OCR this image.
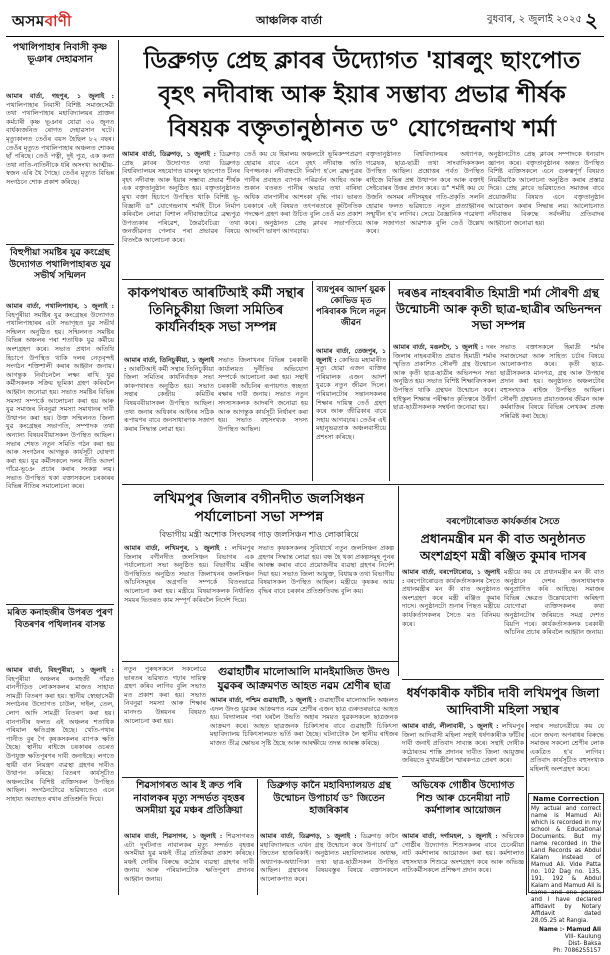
অসমবাণী	আঞ্চলিক বাৰ্তা	বুধবাৰ, ২ জুলাই ২০২৫ ২
পথালিপাহাৰ নিবাসী কৃষ্ণ ভূঞাৰ দেহাৱসান

আমাৰ বাৰ্তা, গহপুৰ, ১ জুলাই : পথালিপাহাৰ নিবাসী বিশিষ্ট সমাজসেৱী তথা পথালিপাহাৰ মহাবিদ্যালয়ৰ প্ৰাক্তন কৰ্মচাৰী কৃষ্ণ ভূঞাৰ যোৱা ৩০ জুনত বাৰ্ধক্যজনিত ৰোগত দেহাৱসান ঘটে। মৃত্যুকালত তেওঁৰ বয়স হৈছিল ৮২ বছৰ। তেওঁৰ মৃত্যুত পথালিপাহাৰ অঞ্চলত শোকৰ ছাঁ পৰিছে। তেওঁ পত্নী, দুই পুত্ৰ, এক কন্যা তথা নাতি-নাতিনীকে ধৰি অসংখ্য আত্মীয়-স্বজন এৰি থৈ গৈছে। তেওঁৰ মৃত্যুত বিভিন্ন সংগঠনে শোক প্ৰকাশ কৰিছে।

বিহুপীয়া সমষ্টিৰ যুৱ কংগ্ৰেছ উদ্যোগত পথালিপাহাৰত যুৱ সভীৰ্থ সন্মিলন

আমাৰ বাৰ্তা, পথালিপাহাৰ, ১ জুলাই : বিহপুৰীয়া সমষ্টিৰ যুৱ কংগ্ৰেছৰ উদ্যোগত পথালিপাহাৰৰ এটা সভাগৃহত যুৱ সভীৰ্থ সন্মিলন অনুষ্ঠিত হয়। সন্মিলনত সমষ্টিৰ বিভিন্ন অঞ্চলৰ পৰা শতাধিক যুৱ কৰ্মীয়ে অংশগ্ৰহণ কৰে। সভাত প্ৰধান অতিথি হিচাপে উপস্থিত থাকি দলৰ নেতৃবৃন্দই সংগঠন শক্তিশালী কৰাৰ আহ্বান জনায়। আগন্তুক নিৰ্বাচনলৈ লক্ষ্য ৰাখি যুৱ কৰ্মীসকলক সক্ৰিয় ভূমিকা গ্ৰহণ কৰিবলৈ আহ্বান জনোৱা হয়। সভাত সমষ্টিৰ বিভিন্ন সমস্যা সম্পৰ্কে আলোচনা কৰা হয় আৰু যুৱ সমাজৰ নিবনুৱা সমস্যা সমাধানৰ দাবী উত্থাপন কৰা হয়। উক্ত সন্মিলনত জিলা যুৱ কংগ্ৰেছৰ সভাপতি, সম্পাদক তথা অন্যান্য বিষয়ববীয়াসকল উপস্থিত আছিল। সভাৰ শেষত নতুন সমিতি গঠন কৰা হয় আৰু সংগঠনৰ আগন্তুক কাৰ্যসূচী ঘোষণা কৰা হয়। যুৱ কৰ্মীসকলে দলৰ নীতি আদৰ্শ গাঁৱে-ভূঞে প্ৰচাৰ কৰাৰ সংকল্প লয়। সভাত উপস্থিত থকা বক্তাসকলে চৰকাৰৰ বিভিন্ন নীতিৰ সমালোচনা কৰে।

মৰিত কনাহজীৰ উপৰত পুৰণ বিতৰণৰ পথিলানৰ বাসন্ত

আমাৰ বাৰ্তা, বিহপুৰীয়া, ১ জুলাই : বিহপুৰীয়া অঞ্চলৰ কনাহজী গাঁৱত বানপীড়িত লোকসকলৰ মাজত সাহায্য সামগ্ৰী বিতৰণ কৰা হয়। স্থানীয় স্বেচ্ছাসেৱী সংগঠনৰ উদ্যোগত চাউল, দাইল, তেল, লোণ আদি সামগ্ৰী বিতৰণ কৰা হয়। বানপানীৰ ফলত এই অঞ্চলৰ শতাধিক পৰিয়াল ক্ষতিগ্ৰস্ত হৈছে। খেতি-পথাৰ পানীত বুৰ গৈ কৃষকসকলৰ ব্যাপক ক্ষতি হৈছে। স্থানীয় ৰাইজে চৰকাৰৰ ওচৰত উপযুক্ত ক্ষতিপূৰণৰ দাবী জনাইছে। লগতে স্থায়ী বান নিয়ন্ত্ৰণ ব্যৱস্থা গ্ৰহণৰ দাবীও উত্থাপন কৰিছে। বিতৰণ কাৰ্যসূচীত অঞ্চলটোৰ বিশিষ্ট ব্যক্তিসকল উপস্থিত আছিল। সংগঠনটোৱে ভৱিষ্যতেও এনে সাহায্য অব্যাহত ৰখাৰ প্ৰতিশ্ৰুতি দিয়ে।

ডিব্ৰুগড় প্ৰেছ ক্লাবৰ উদ্যোগত 'য়াৰলুং ছাংপোত
বৃহৎ নদীবান্ধ আৰু ইয়াৰ সম্ভাব্য প্ৰভাৱ শীৰ্ষক
বিষয়ক বক্তৃতানুষ্ঠানত ড° যোগেন্দ্ৰনাথ শৰ্মা

আমাৰ বাৰ্তা, ডিব্ৰুগড়, ১ জুলাই : ডিব্ৰুগড় প্ৰেছ ক্লাবৰ উদ্যোগত তথা ডিব্ৰুগড় বিশ্ববিদ্যালয়ৰ সহযোগত য়াৰলুং ছাংপোত চীনৰ বৃহৎ নদীবান্ধ আৰু ইয়াৰ সম্ভাব্য প্ৰভাৱ শীৰ্ষক এক বক্তৃতানুষ্ঠান অনুষ্ঠিত হয়। বক্তৃতানুষ্ঠানত মুখ্য বক্তা হিচাপে উপস্থিত থাকি বিশিষ্ট ভূ-বিজ্ঞানী ড° যোগেন্দ্ৰনাথ শৰ্মাই চীনে নিৰ্মাণ কৰিবলৈ লোৱা বিশাল নদীবান্ধটোৱে ব্ৰহ্মপুত্ৰ উপত্যকাৰ পৰিৱেশ, জৈৱবৈচিত্ৰ্য তথা জনজীৱনত পেলাব পৰা প্ৰভাৱৰ বিষয়ে বিতংকৈ আলোচনা কৰে।

তেওঁ কয় যে হিমালয় অঞ্চলটো ভূমিকম্পপ্ৰৱণ হোৱাৰ বাবে এনে বৃহৎ নদীবান্ধ অতি বিপজ্জনক। নদীবান্ধটো নিৰ্মাণ হ'লে ব্ৰহ্মপুত্ৰৰ পানীৰ প্ৰবাহত ব্যাপক পৰিৱৰ্তন আহিব আৰু শুকান বতৰত পানীৰ অভাৱ তথা বাৰিষা অধিক বানপানীৰ আশংকা বৃদ্ধি পাব। ভাৰত চৰকাৰে এই বিষয়ত তৎপৰতাৰে কূটনৈতিক পদক্ষেপ গ্ৰহণ কৰা উচিত বুলি তেওঁ মত প্ৰকাশ কৰে। অনুষ্ঠানত প্ৰেছ ক্লাবৰ সভাপতিয়ে আদৰণি ভাষণ আগবঢ়ায়।

বক্তৃতানুষ্ঠানত বিশ্ববিদ্যালয়ৰ অধ্যাপক, গৱেষক, ছাত্ৰ-ছাত্ৰী তথা সাংবাদিকসকল উপস্থিত আছিল। প্ৰশ্নোত্তৰ পৰ্বত উপস্থিত ৰাইজে বিভিন্ন প্ৰশ্ন উত্থাপন কৰে আৰু বক্তাই সেইবোৰৰ উত্তৰ প্ৰদান কৰে। ড° শৰ্মাই কয় যে উজনি অসমৰ নদীসমূহৰ গতি-প্ৰকৃতি সলনি হোৱাৰ ফলত ভৱিষ্যতে নতুন প্ৰত্যাহ্বানৰ সন্মুখীন হ'ব লাগিব। সেয়ে বৈজ্ঞানিক গৱেষণা আৰু সজাগতা আৱশ্যক বুলি তেওঁ উল্লেখ কৰে।

অনুষ্ঠানটোত প্ৰেছ ক্লাবৰ সম্পাদকে ধন্যবাদ জ্ঞাপন কৰে। বক্তৃতানুষ্ঠানৰ অন্তত উপস্থিত বিশিষ্ট ব্যক্তিসকলে এনে গুৰুত্বপূৰ্ণ বিষয়ত নিয়মীয়াকৈ আলোচনা অনুষ্ঠিত কৰাৰ প্ৰস্তাৱ দিয়ে। প্ৰেছ ক্লাবে ভৱিষ্যতেও সমাজৰ বাবে প্ৰয়োজনীয় বিষয়ত এনে বক্তৃতানুষ্ঠান আয়োজন কৰাৰ সিদ্ধান্ত লয়। আলোচনাত নদীবান্ধৰ বিৰুদ্ধে সৰ্বদলীয় প্ৰতিবাদৰ আহ্বানো জনোৱা হয়।

কাকপথাৰত আৰটিআই কৰ্মী সন্থাৰ তিনিচুকীয়া জিলা সমিতিৰ কাৰ্যনিৰ্বাহক সভা সম্পন্ন

আমাৰ বাৰ্তা, তিনিচুকীয়া, ১ জুলাই : আৰটিআই কৰ্মী সন্থাৰ তিনিচুকীয়া জিলা সমিতিৰ কাৰ্যনিৰ্বাহক সভা কাকপথাৰত অনুষ্ঠিত হয়। সভাত সন্থাৰ কেন্দ্ৰীয় কমিটিৰ বিষয়ববীয়াসকল উপস্থিত আছিল। তথ্য জনাৰ অধিকাৰ আইনৰ সঠিক ৰূপায়ণৰ বাবে জনসাধাৰণক সজাগ কৰাৰ সিদ্ধান্ত লোৱা হয়।

সভাত জিলাখনৰ বিভিন্ন চৰকাৰী কাৰ্যালয়ত দুৰ্নীতিৰ অভিযোগ সম্পৰ্কে আলোচনা কৰা হয়। সন্থাই চৰকাৰী আঁচনিৰ ৰূপায়ণত স্বচ্ছতা ৰক্ষাৰ দাবী জনায়। সভাত নতুন সদস্যসকলক আদৰণি জনোৱা হয় আৰু আগন্তুক কাৰ্যসূচী নিৰ্ধাৰণ কৰা হয়। সভাত বহুসংখ্যক সদস্য উপস্থিত আছিল।

ব্যয়পুৰৰ আদৰ্শ যুৱক কোভিড মৃত পৰিবাৰক দিলে নতুন জীৱন

আমাৰ বাৰ্তা, তেজপুৰ, ১ জুলাই : কোভিড মহামাৰীত মৃত্যু হোৱা এজন ব্যক্তিৰ পৰিয়ালক এজন আদৰ্শ যুৱকে নতুন জীৱন দিলে। পৰিয়ালটোৰ সন্তানসকলৰ শিক্ষাৰ দায়িত্ব তেওঁ গ্ৰহণ কৰে আৰু জীৱিকাৰ বাবে সহায় আগবঢ়ায়। তেওঁৰ এই মহানুভৱতাক অঞ্চলবাসীয়ে প্ৰশংসা কৰিছে।

দৰঙৰ নাহৰবাৰীত হিমাদ্ৰী শৰ্মা সৌৰণী গ্ৰন্থ উন্মোচনী আৰু কৃতী ছাত্ৰ-ছাত্ৰীৰ অভিনন্দন সভা সম্পন্ন

আমাৰ বাৰ্তা, মঙলদৈ, ১ জুলাই : দৰং জিলাৰ নাহৰবাৰীত প্ৰয়াত হিমাদ্ৰী শৰ্মাৰ স্মৃতিত প্ৰকাশিত সৌৰণী গ্ৰন্থ উন্মোচন আৰু কৃতী ছাত্ৰ-ছাত্ৰীৰ অভিনন্দন সভা অনুষ্ঠিত হয়। সভাত বিশিষ্ট শিক্ষাবিদসকল উপস্থিত থাকি গ্ৰন্থখন উন্মোচন কৰে। হাইস্কুল শিক্ষান্ত পৰীক্ষাত কৃতিত্বৰে উত্তীৰ্ণ ছাত্ৰ-ছাত্ৰীসকলক সম্বৰ্ধনা জনোৱা হয়।

সভাত বক্তাসকলে হিমাদ্ৰী শৰ্মাৰ সমাজসেৱা আৰু সাহিত্য চৰ্চাৰ বিষয়ে আলোকপাত কৰে। কৃতী ছাত্ৰ-ছাত্ৰীসকলক মানপত্ৰ, গ্ৰন্থ আৰু উপহাৰ প্ৰদান কৰা হয়। অনুষ্ঠানত অঞ্চলটোৰ বহুসংখ্যক ৰাইজ উপস্থিত আছিল। সৌৰণী গ্ৰন্থখনত প্ৰয়াতজনৰ জীৱন আৰু কৰ্মৰাজিৰ বিষয়ে বিভিন্ন লেখকৰ প্ৰবন্ধ সন্নিৱিষ্ট কৰা হৈছে।

লখিমপুৰ জিলাৰ বগীনদীত জলসিঞ্চন পৰ্যালোচনা সভা সম্পন্ন
বিভাগীয় মন্ত্ৰী অশোক সিংঘলৰ গাড় জলসিঞ্চন শাও লোকাৰিয়ে

আমাৰ বাৰ্তা, লখিমপুৰ, ১ জুলাই : লখিমপুৰ জিলাৰ বগীনদীত জলসিঞ্চন বিভাগৰ এক পৰ্যালোচনা সভা অনুষ্ঠিত হয়। বিভাগীয় মন্ত্ৰীৰ উপস্থিতিত অনুষ্ঠিত সভাত জিলাখনৰ জলসিঞ্চন আঁচনিসমূহৰ অগ্ৰগতি সম্পৰ্কে বিতংভাৱে আলোচনা কৰা হয়। মন্ত্ৰীয়ে বিষয়াসকলক নিৰ্ধাৰিত সময়ৰ ভিতৰত কাম সম্পূৰ্ণ কৰিবলৈ নিৰ্দেশ দিয়ে।

সভাত কৃষকসকলৰ সুবিধাৰ্থে নতুন জলসিঞ্চন প্ৰকল্প গ্ৰহণৰ সিদ্ধান্ত লোৱা হয়। বন্ধ হৈ থকা প্ৰকল্পসমূহ পুনৰ আৰম্ভ কৰাৰ বাবে প্ৰয়োজনীয় ব্যৱস্থা গ্ৰহণৰ নিৰ্দেশ দিয়া হয়। সভাত জিলা আয়ুক্ত, বিধায়ক তথা বিভাগীয় বিষয়াসকল উপস্থিত আছিল। মন্ত্ৰীয়ে কৃষকৰ আয় বৃদ্ধিৰ বাবে চৰকাৰ প্ৰতিশ্ৰুতিবদ্ধ বুলি কয়।

বৰপেটাৰোডত কাৰ্যকৰ্তাৰ সৈতে
প্ৰধানমন্ত্ৰীৰ মন কী বাত অনুষ্ঠানত অংশগ্ৰহণ মন্ত্ৰী ৰঞ্জিত কুমাৰ দাসৰ

আমাৰ বাৰ্তা, বৰপেটাৰোড, ১ জুলাই : বৰপেটাৰোডত কাৰ্যকৰ্তাসকলৰ সৈতে প্ৰধানমন্ত্ৰীৰ মন কী বাত অনুষ্ঠানত অংশগ্ৰহণ কৰে মন্ত্ৰী ৰঞ্জিত কুমাৰ দাসে। অনুষ্ঠানটো শুনাৰ পিছত মন্ত্ৰীয়ে কাৰ্যকৰ্তাসকলৰ সৈতে মত বিনিময় কৰে।

মন্ত্ৰীয়ে কয় যে প্ৰধানমন্ত্ৰীৰ মন কী বাত অনুষ্ঠানে দেশৰ জনসাধাৰণক অনুপ্ৰাণিত কৰি আহিছে। সমাজৰ বিভিন্ন ক্ষেত্ৰত উল্লেখযোগ্য অৰিহণা যোগোৱা ব্যক্তিসকলৰ কথা অনুষ্ঠানটোৰ জৰিয়তে সমগ্ৰ দেশত বিয়পি পৰে। কাৰ্যকৰ্তাসকলক চৰকাৰী আঁচনিৰ প্ৰচাৰ কৰিবলৈ আহ্বান জনায়।

গুৱাহাটীৰ মালোআলি মানইমাজিত উদণ্ড যুৱকৰ আক্ৰমণত আহত নৱম শ্ৰেণীৰ ছাত্ৰ

নতুন পুৰুষসকলে সকলোৱে ভাৰতৰ ভৱিষ্যত গঢ়াৰ দায়িত্ব গ্ৰহণ কৰিব লাগিব বুলি সভাত মত প্ৰকাশ কৰা হয়। সভাত নিবনুৱা সমস্যা আৰু শিক্ষাৰ মানদণ্ড উন্নয়নৰ বিষয়ত আলোচনা কৰা হয়।

আমাৰ বাৰ্তা, পশ্চিম গুৱাহাটী, ১ জুলাই : গুৱাহাটীৰ মালোআলি অঞ্চলত এদল উদণ্ড যুৱকৰ আক্ৰমণত নৱম শ্ৰেণীৰ এজন ছাত্ৰ গুৰুতৰভাৱে আহত হয়। বিদ্যালয়ৰ পৰা ঘৰলৈ উভতি অহাৰ সময়ত যুৱকসকলে ছাত্ৰজনক আক্ৰমণ কৰে। আহত ছাত্ৰজনক চিকিৎসাৰ বাবে গুৱাহাটী চিকিৎসা মহাবিদ্যালয় চিকিৎসালয়ত ভৰ্তি কৰা হৈছে। ঘটনাটোক লৈ স্থানীয় ৰাইজৰ মাজত তীব্ৰ ক্ষোভৰ সৃষ্টি হৈছে আৰু আৰক্ষীয়ে তদন্ত আৰম্ভ কৰিছে।

শিৱসাগৰত আৰ ই ক্ৰত পৰি নাবালকৰ মৃত্যু সন্দৰ্ভত বৃহত্তৰ অসমীয়া যুৱ মঞ্চৰ প্ৰতিক্ৰিয়া

আমাৰ বাৰ্তা, শিৱসাগৰ, ১ জুলাই : শিৱসাগৰত এটা দুৰ্ঘটনাত নাবালকৰ মৃত্যু সন্দৰ্ভত বৃহত্তৰ অসমীয়া যুৱ মঞ্চই তীব্ৰ প্ৰতিক্ৰিয়া প্ৰকাশ কৰিছে। মঞ্চই দোষীৰ বিৰুদ্ধে কঠোৰ ব্যৱস্থা গ্ৰহণৰ দাবী জনায় আৰু পৰিয়ালটোক ক্ষতিপূৰণ প্ৰদানৰ আহ্বান জনায়।

ডিব্ৰুগড় কানৈ মহাবিদ্যালয়ত গ্ৰন্থ উন্মোচন উপাচাৰ্য ড° জিতেন হাজৰিকাৰ

আমাৰ বাৰ্তা, ডিব্ৰুগড়, ১ জুলাই : ডিব্ৰুগড় কানৈ মহাবিদ্যালয়ত এখন গ্ৰন্থ উন্মোচন কৰে উপাচাৰ্য ড° জিতেন হাজৰিকাই। অনুষ্ঠানত মহাবিদ্যালয়ৰ অধ্যক্ষ, অধ্যাপক-অধ্যাপিকা তথা ছাত্ৰ-ছাত্ৰীসকল উপস্থিত আছিল। গ্ৰন্থখনৰ বিষয়বস্তুৰ বিষয়ে বক্তাসকলে আলোকপাত কৰে।

ধৰ্ষণকাৰীক ফাঁচীৰ দাবী লখিমপুৰ জিলা আদিবাসী মহিলা সন্থাৰ

আমাৰ বাৰ্তা, লীলাবাৰী, ১ জুলাই : লখিমপুৰ জিলা আদিবাসী মহিলা সন্থাই ধৰ্ষণকাৰীক ফাঁচীৰ দাবী জনাই প্ৰতিবাদ সাব্যস্ত কৰে। সন্থাই দোষীক কঠোৰতম শাস্তি প্ৰদানৰ দাবীত জিলা আয়ুক্তৰ জৰিয়তে মুখ্যমন্ত্ৰীলৈ স্মাৰকপত্ৰ প্ৰেৰণ কৰে।

অভিষেক গোষ্ঠীৰ উদ্যোগত শিশু আৰু চেনেমীয়া নাট কৰ্মশালাৰ আয়োজন

আমাৰ বাৰ্তা, দৰ্গামহল, ১ জুলাই : অভিষেক গোষ্ঠীৰ উদ্যোগত শিশুসকলৰ বাবে চেনেমীয়া নাট কৰ্মশালাৰ আয়োজন কৰা হয়। কৰ্মশালাত বহুসংখ্যক শিশুৱে অংশগ্ৰহণ কৰে আৰু অভিজ্ঞ নাট্যকৰ্মীসকলে প্ৰশিক্ষণ প্ৰদান কৰে।

সন্থাৰ সভানেত্ৰীয়ে কয় যে এনে জঘন্য অপৰাধৰ বিৰুদ্ধে সমাজৰ সকলো শ্ৰেণীৰ লোক একত্ৰিত হ'ব লাগিব। প্ৰতিবাদ কাৰ্যসূচীত বহুসংখ্যক মহিলাই অংশগ্ৰহণ কৰে।

Name Correction
My actual and correct name is Mamud Ali which is recorded in my school & Educational Documents. But my name recorded in the Land Records as Abdul Kalam instead of Mamud Ali. Vide Patta no. 102 Dag no. 135, 191, 192 & Abdul Kalam and Mamud Ali is same and one person and I have declared affidavit by Notary Affidavit dated 28.05.25 at Rangia.
Name :- Mamud Ali
Vill- Kaulung
Dist- Baksa
Ph: 7086255157
